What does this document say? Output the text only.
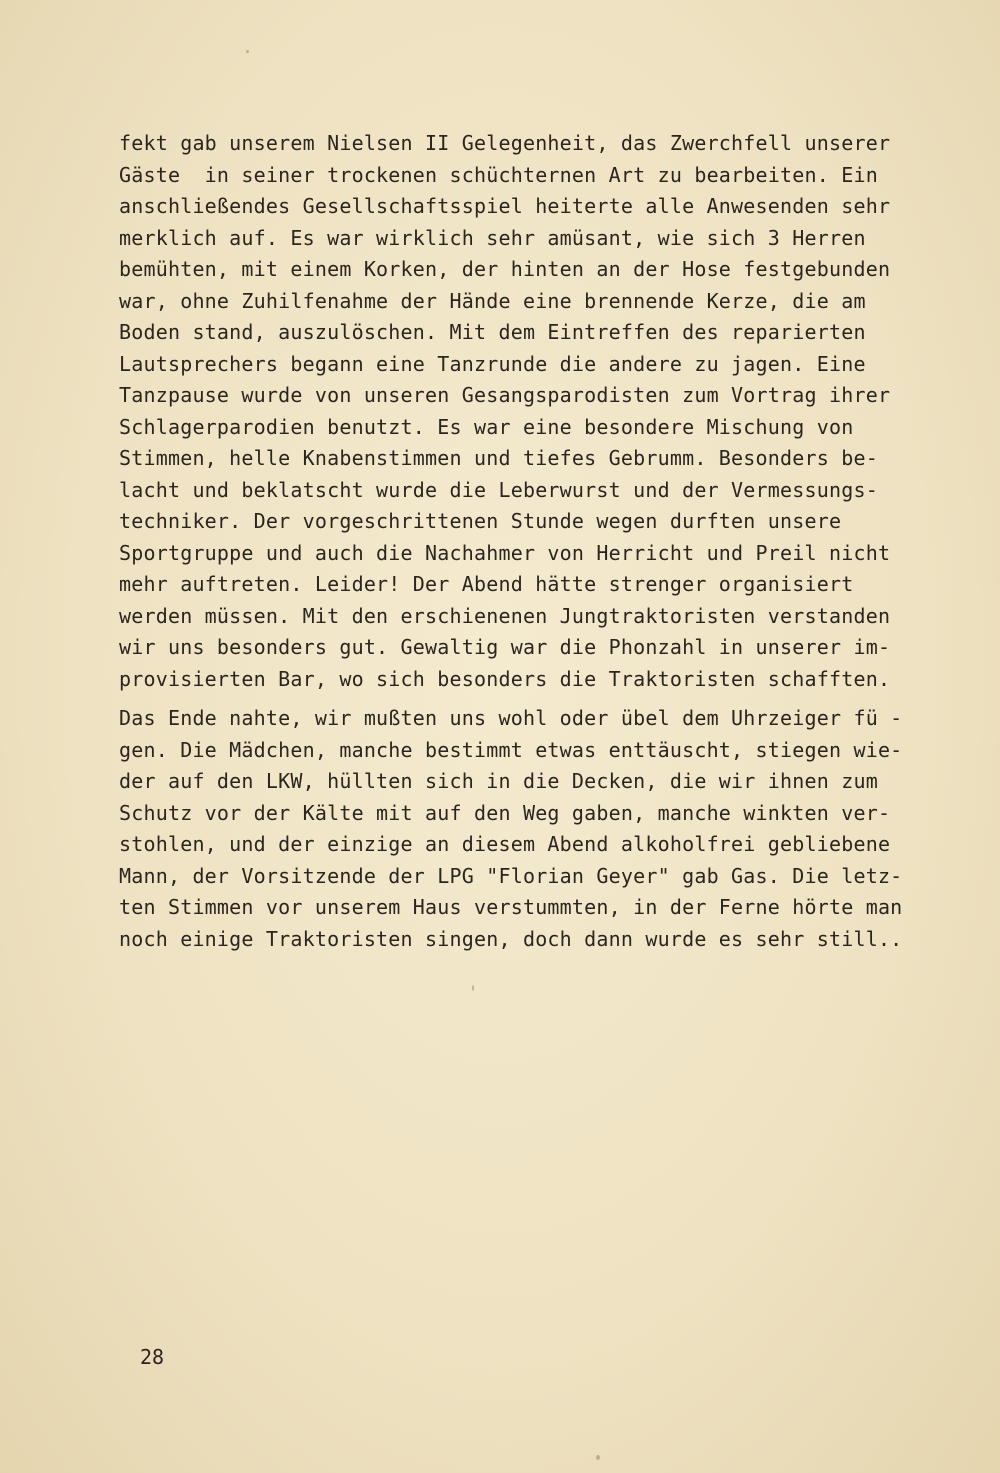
fekt gab unserem Nielsen II Gelegenheit, das Zwerchfell unserer
Gäste  in seiner trockenen schüchternen Art zu bearbeiten. Ein
anschließendes Gesellschaftsspiel heiterte alle Anwesenden sehr
merklich auf. Es war wirklich sehr amüsant, wie sich 3 Herren
bemühten, mit einem Korken, der hinten an der Hose festgebunden
war, ohne Zuhilfenahme der Hände eine brennende Kerze, die am
Boden stand, auszulöschen. Mit dem Eintreffen des reparierten
Lautsprechers begann eine Tanzrunde die andere zu jagen. Eine
Tanzpause wurde von unseren Gesangsparodisten zum Vortrag ihrer
Schlagerparodien benutzt. Es war eine besondere Mischung von
Stimmen, helle Knabenstimmen und tiefes Gebrumm. Besonders be-
lacht und beklatscht wurde die Leberwurst und der Vermessungs-
techniker. Der vorgeschrittenen Stunde wegen durften unsere
Sportgruppe und auch die Nachahmer von Herricht und Preil nicht
mehr auftreten. Leider! Der Abend hätte strenger organisiert
werden müssen. Mit den erschienenen Jungtraktoristen verstanden
wir uns besonders gut. Gewaltig war die Phonzahl in unserer im-
provisierten Bar, wo sich besonders die Traktoristen schafften.
Das Ende nahte, wir mußten uns wohl oder übel dem Uhrzeiger fü -
gen. Die Mädchen, manche bestimmt etwas enttäuscht, stiegen wie-
der auf den LKW, hüllten sich in die Decken, die wir ihnen zum
Schutz vor der Kälte mit auf den Weg gaben, manche winkten ver-
stohlen, und der einzige an diesem Abend alkoholfrei gebliebene
Mann, der Vorsitzende der LPG "Florian Geyer" gab Gas. Die letz-
ten Stimmen vor unserem Haus verstummten, in der Ferne hörte man
noch einige Traktoristen singen, doch dann wurde es sehr still..
28
